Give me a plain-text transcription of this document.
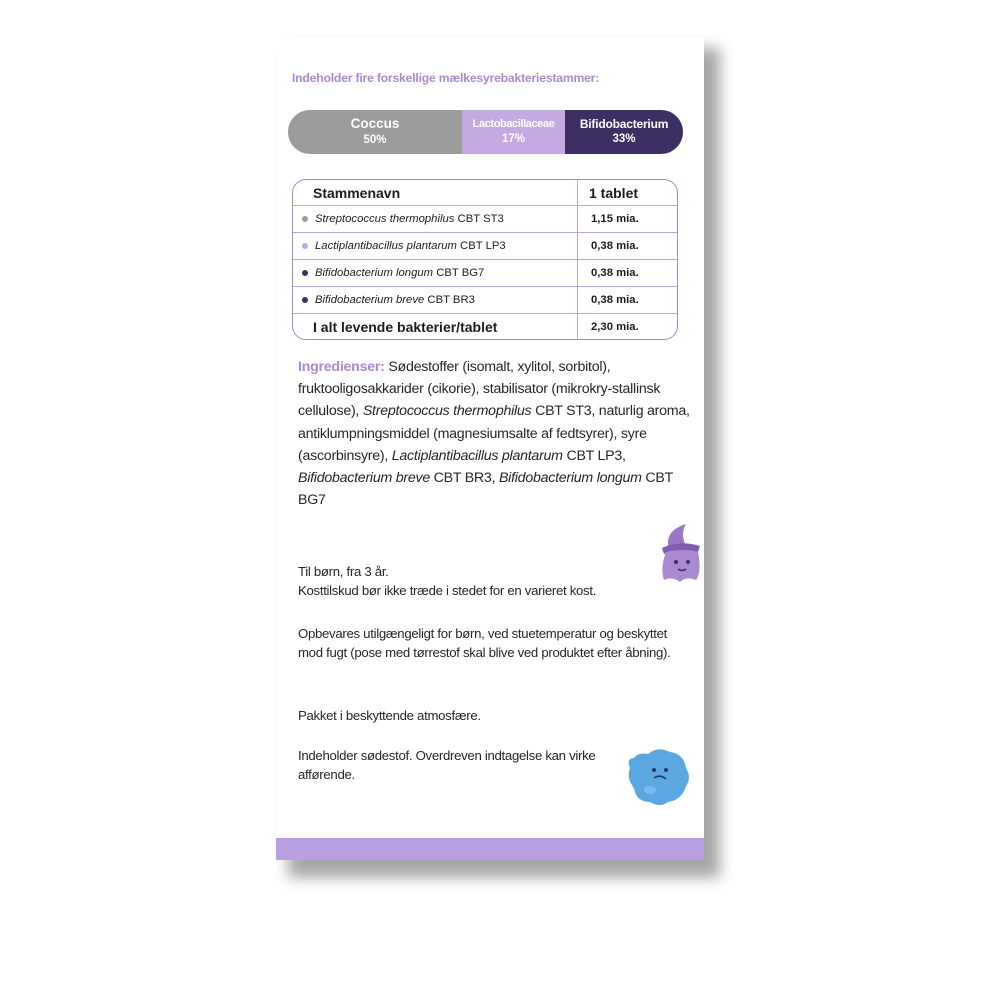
Indeholder fire forskellige mælkesyrebakteriestammer:
Coccus
50%
Lactobacillaceae
17%
Bifidobacterium
33%
Stammenavn	1 tablet
Streptococcus thermophilus CBT ST3	1,15 mia.
Lactiplantibacillus plantarum CBT LP3	0,38 mia.
Bifidobacterium longum CBT BG7	0,38 mia.
Bifidobacterium breve CBT BR3	0,38 mia.
I alt levende bakterier/tablet	2,30 mia.
Ingredienser: Sødestoffer (isomalt, xylitol, sorbitol), fruktooligosakkarider (cikorie), stabilisator (mikrokry-stallinsk cellulose), Streptococcus thermophilus CBT ST3, naturlig aroma, antiklumpningsmiddel (magnesiumsalte af fedtsyrer), syre (ascorbinsyre), Lactiplantibacillus plantarum CBT LP3, Bifidobacterium breve CBT BR3, Bifidobacterium longum CBT BG7
Til børn, fra 3 år.
Kosttilskud bør ikke træde i stedet for en varieret kost.
Opbevares utilgængeligt for børn, ved stuetemperatur og beskyttet mod fugt (pose med tørrestof skal blive ved produktet efter åbning).
Pakket i beskyttende atmosfære.
Indeholder sødestof. Overdreven indtagelse kan virke afførende.
